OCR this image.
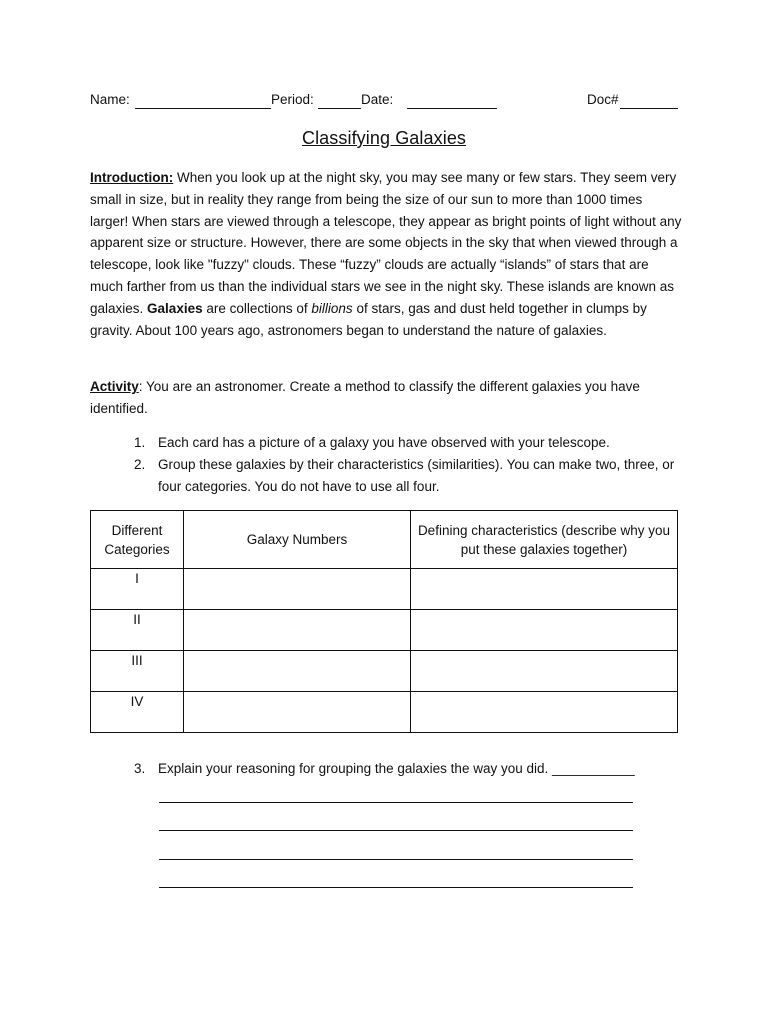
Name:	Period:	Date:	Doc#
Classifying Galaxies

Introduction: When you look up at the night sky, you may see many or few stars. They seem very small in size, but in reality they range from being the size of our sun to more than 1000 times larger! When stars are viewed through a telescope, they appear as bright points of light without any apparent size or structure. However, there are some objects in the sky that when viewed through a telescope, look like "fuzzy" clouds. These “fuzzy” clouds are actually “islands” of stars that are much farther from us than the individual stars we see in the night sky. These islands are known as galaxies. Galaxies are collections of billions of stars, gas and dust held together in clumps by gravity. About 100 years ago, astronomers began to understand the nature of galaxies.

Activity: You are an astronomer. Create a method to classify the different galaxies you have identified.

1. Each card has a picture of a galaxy you have observed with your telescope.
2. Group these galaxies by their characteristics (similarities). You can make two, three, or four categories. You do not have to use all four.
Different Categories	Galaxy Numbers	Defining characteristics (describe why you put these galaxies together)
I		
II		
III		
IV		
3. Explain your reasoning for grouping the galaxies the way you did. ___________
